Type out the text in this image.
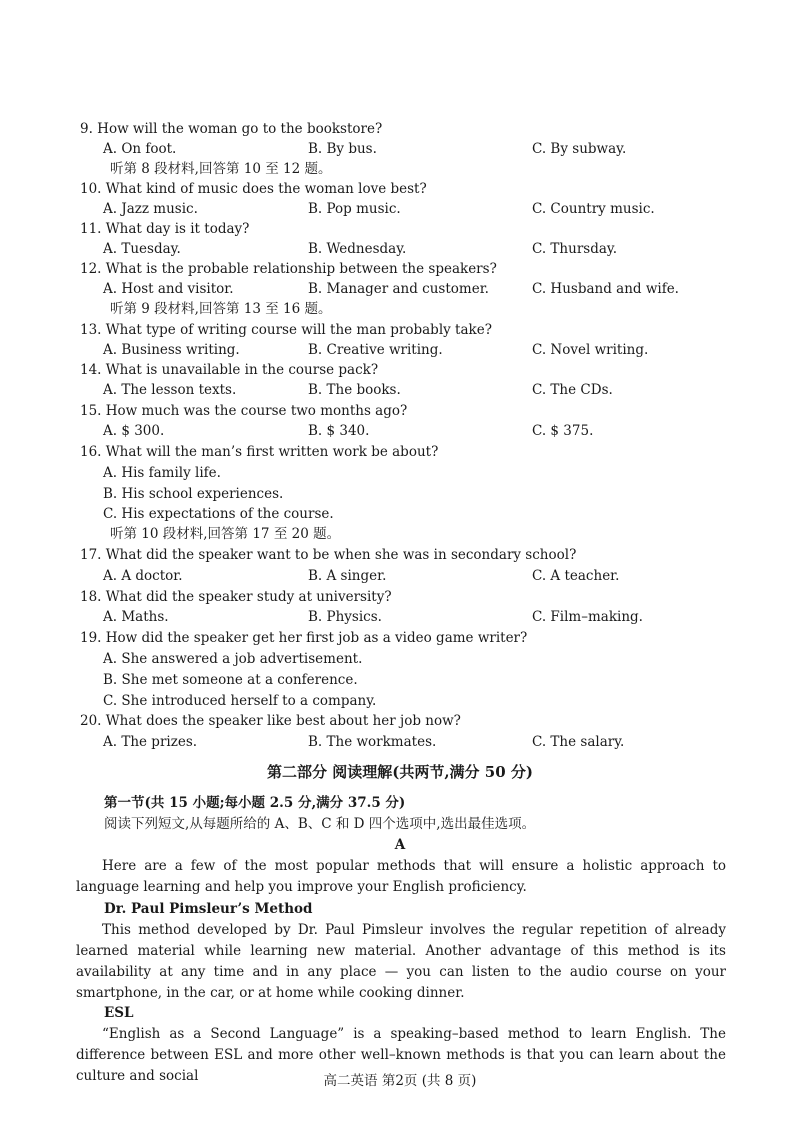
9. How will the woman go to the bookstore?
A. On foot.	B. By bus.	C. By subway.
听第 8 段材料,回答第 10 至 12 题。
10. What kind of music does the woman love best?
A. Jazz music.	B. Pop music.	C. Country music.
11. What day is it today?
A. Tuesday.	B. Wednesday.	C. Thursday.
12. What is the probable relationship between the speakers?
A. Host and visitor.	B. Manager and customer.	C. Husband and wife.
听第 9 段材料,回答第 13 至 16 题。
13. What type of writing course will the man probably take?
A. Business writing.	B. Creative writing.	C. Novel writing.
14. What is unavailable in the course pack?
A. The lesson texts.	B. The books.	C. The CDs.
15. How much was the course two months ago?
A. $ 300.	B. $ 340.	C. $ 375.
16. What will the man’s first written work be about?
A. His family life.
B. His school experiences.
C. His expectations of the course.
听第 10 段材料,回答第 17 至 20 题。
17. What did the speaker want to be when she was in secondary school?
A. A doctor.	B. A singer.	C. A teacher.
18. What did the speaker study at university?
A. Maths.	B. Physics.	C. Film–making.
19. How did the speaker get her first job as a video game writer?
A. She answered a job advertisement.
B. She met someone at a conference.
C. She introduced herself to a company.
20. What does the speaker like best about her job now?
A. The prizes.	B. The workmates.	C. The salary.
第二部分 阅读理解(共两节,满分 50 分)
第一节(共 15 小题;每小题 2.5 分,满分 37.5 分)
阅读下列短文,从每题所给的 A、B、C 和 D 四个选项中,选出最佳选项。
A

Here are a few of the most popular methods that will ensure a holistic approach to language learning and help you improve your English proficiency.

Dr. Paul Pimsleur’s Method

This method developed by Dr. Paul Pimsleur involves the regular repetition of already learned material while learning new material. Another advantage of this method is its availability at any time and in any place — you can listen to the audio course on your smartphone, in the car, or at home while cooking dinner.

ESL

“English as a Second Language” is a speaking–based method to learn English. The difference between ESL and more other well–known methods is that you can learn about the culture and social	高二英语 第2页 (共 8 页)
